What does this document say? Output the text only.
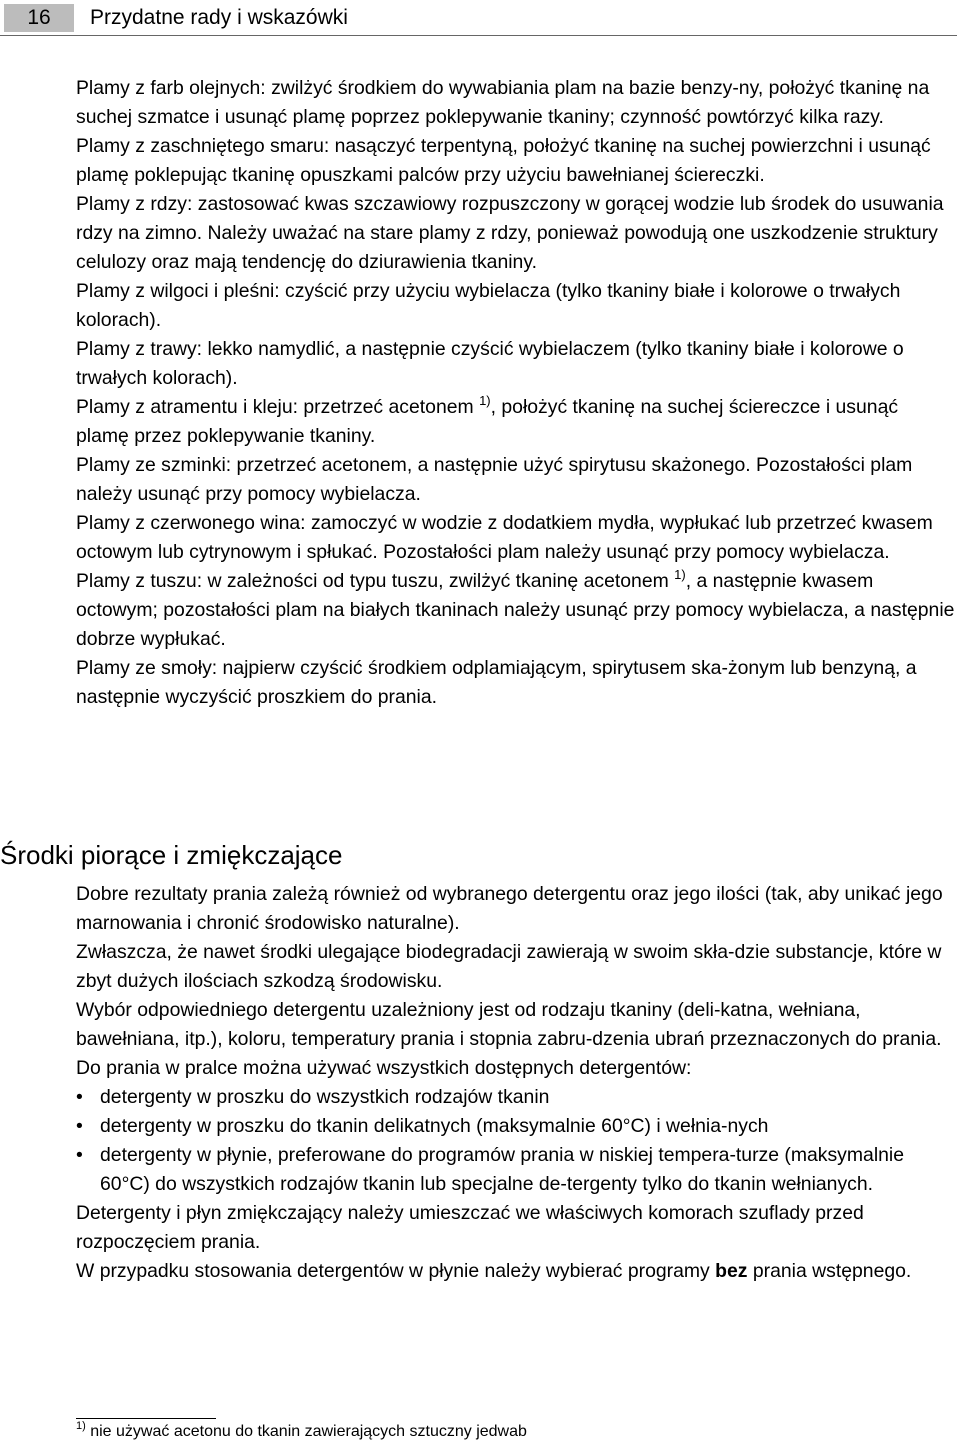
16	Przydatne rady i wskazówki

Plamy z farb olejnych: zwilżyć środkiem do wywabiania plam na bazie benzy-ny, położyć tkaninę na suchej szmatce i usunąć plamę poprzez poklepywanie tkaniny; czynność powtórzyć kilka razy.

Plamy z zaschniętego smaru: nasączyć terpentyną, położyć tkaninę na suchej powierzchni i usunąć plamę poklepując tkaninę opuszkami palców przy użyciu bawełnianej ściereczki.

Plamy z rdzy: zastosować kwas szczawiowy rozpuszczony w gorącej wodzie lub środek do usuwania rdzy na zimno. Należy uważać na stare plamy z rdzy, ponieważ powodują one uszkodzenie struktury celulozy oraz mają tendencję do dziurawienia tkaniny.

Plamy z wilgoci i pleśni: czyścić przy użyciu wybielacza (tylko tkaniny białe i kolorowe o trwałych kolorach).

Plamy z trawy: lekko namydlić, a następnie czyścić wybielaczem (tylko tkaniny białe i kolorowe o trwałych kolorach).

Plamy z atramentu i kleju: przetrzeć acetonem $^{1)}$, położyć tkaninę na suchej ściereczce i usunąć plamę przez poklepywanie tkaniny.

Plamy ze szminki: przetrzeć acetonem, a następnie użyć spirytusu skażonego. Pozostałości plam należy usunąć przy pomocy wybielacza.

Plamy z czerwonego wina: zamoczyć w wodzie z dodatkiem mydła, wypłukać lub przetrzeć kwasem octowym lub cytrynowym i spłukać. Pozostałości plam należy usunąć przy pomocy wybielacza.

Plamy z tuszu: w zależności od typu tuszu, zwilżyć tkaninę acetonem $^{1)}$, a następnie kwasem octowym; pozostałości plam na białych tkaninach należy usunąć przy pomocy wybielacza, a następnie dobrze wypłukać.

Plamy ze smoły: najpierw czyścić środkiem odplamiającym, spirytusem ska-żonym lub benzyną, a następnie wyczyścić proszkiem do prania.

Środki piorące i zmiękczające

Dobre rezultaty prania zależą również od wybranego detergentu oraz jego ilości (tak, aby unikać jego marnowania i chronić środowisko naturalne).

Zwłaszcza, że nawet środki ulegające biodegradacji zawierają w swoim skła-dzie substancje, które w zbyt dużych ilościach szkodzą środowisku.

Wybór odpowiedniego detergentu uzależniony jest od rodzaju tkaniny (deli-katna, wełniana, bawełniana, itp.), koloru, temperatury prania i stopnia zabru-dzenia ubrań przeznaczonych do prania.

Do prania w pralce można używać wszystkich dostępnych detergentów:

• detergenty w proszku do wszystkich rodzajów tkanin
• detergenty w proszku do tkanin delikatnych (maksymalnie 60°C) i wełnia-nych
• detergenty w płynie, preferowane do programów prania w niskiej tempera-turze (maksymalnie 60°C) do wszystkich rodzajów tkanin lub specjalne de-tergenty tylko do tkanin wełnianych.

Detergenty i płyn zmiękczający należy umieszczać we właściwych komorach szuflady przed rozpoczęciem prania.

W przypadku stosowania detergentów w płynie należy wybierać programy bez prania wstępnego.

$^{1)}$ nie używać acetonu do tkanin zawierających sztuczny jedwab
